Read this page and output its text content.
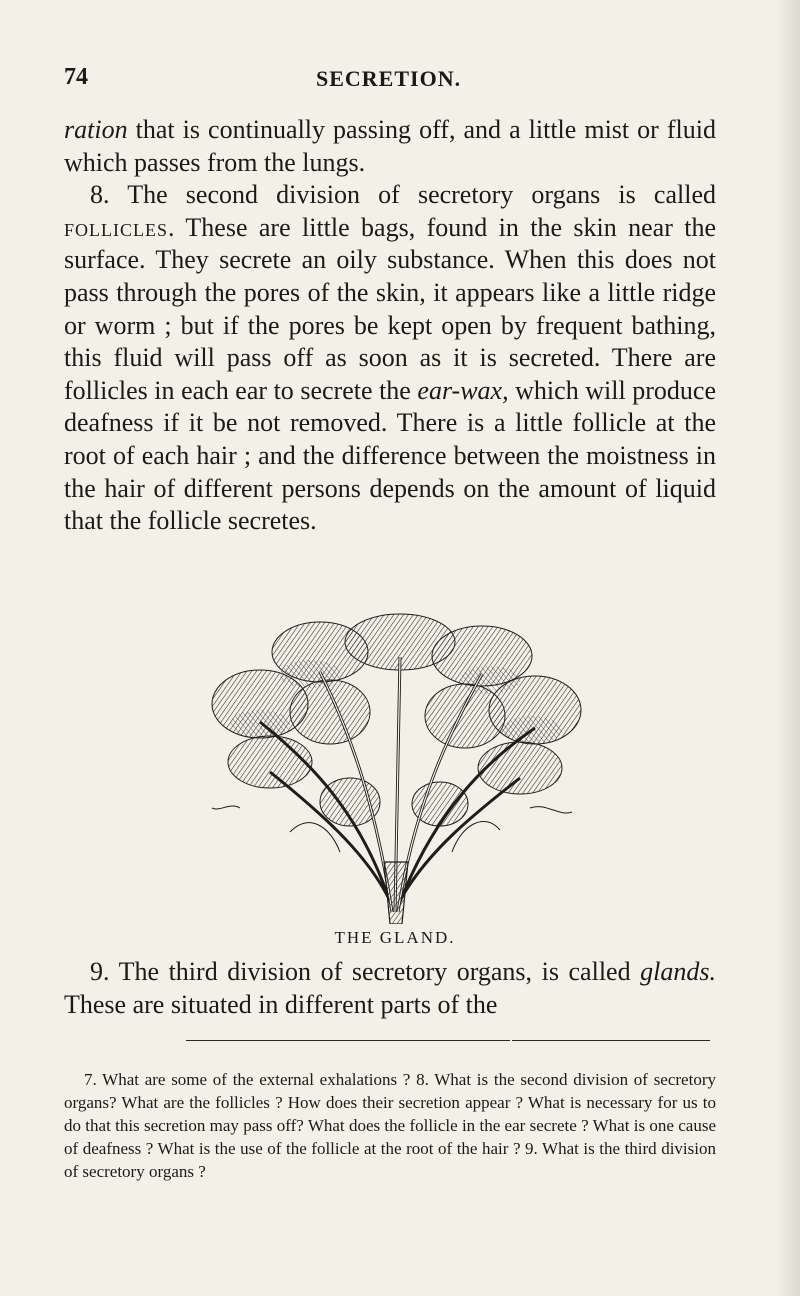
74	SECRETION.

ration that is continually passing off, and a little mist or fluid which passes from the lungs.

8. The second division of secretory organs is called follicles. These are little bags, found in the skin near the surface. They secrete an oily substance. When this does not pass through the pores of the skin, it appears like a little ridge or worm ; but if the pores be kept open by frequent bathing, this fluid will pass off as soon as it is secreted. There are follicles in each ear to secrete the ear-wax, which will produce deafness if it be not removed. There is a little follicle at the root of each hair ; and the difference between the moistness in the hair of different persons depends on the amount of liquid that the follicle secretes.

THE GLAND.

9. The third division of secretory organs, is called glands. These are situated in different parts of the

7. What are some of the external exhalations ? 8. What is the second division of secretory organs? What are the follicles ? How does their secretion appear ? What is necessary for us to do that this secretion may pass off? What does the follicle in the ear secrete ? What is one cause of deafness ? What is the use of the follicle at the root of the hair ? 9. What is the third division of secretory organs ?
